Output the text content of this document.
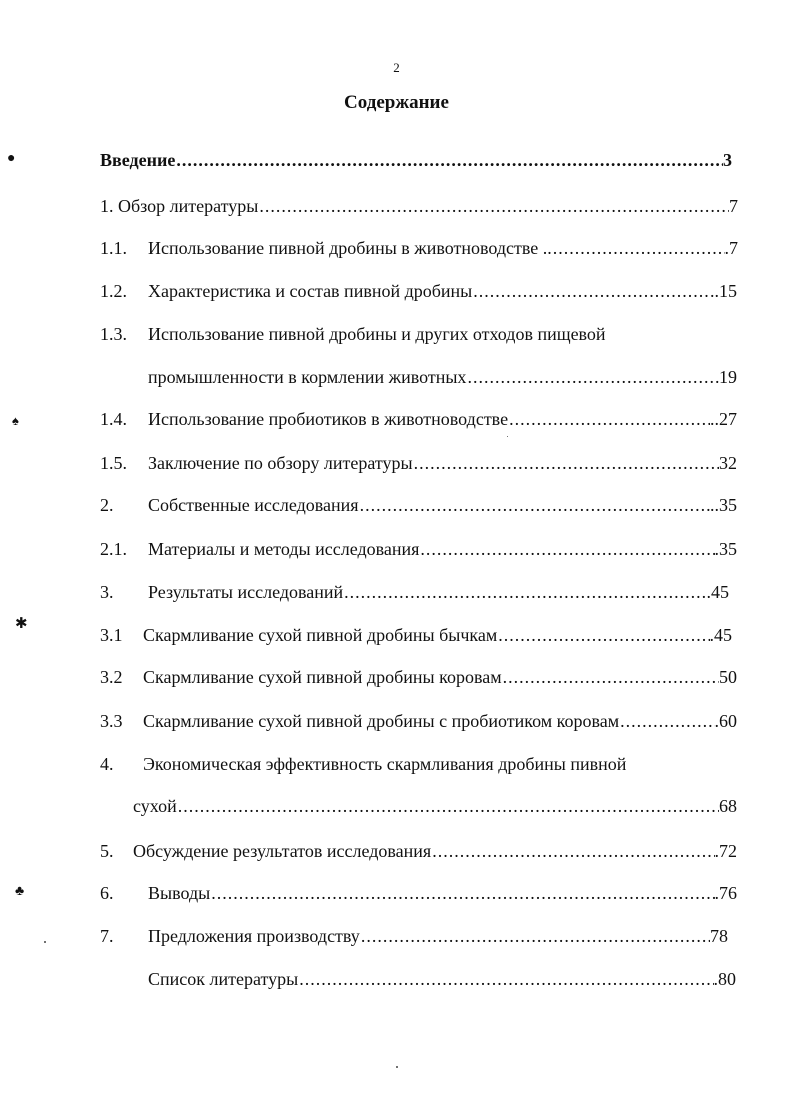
2
Содержание
Введение .....	3
1. Обзор литературы .....	7
1.1. Использование пивной дробины в животноводстве .. .....	.7
1.2. Характеристика и состав пивной дробины .....	..15
1.3. Использование пивной дробины и других отходов пищевой
промышленности в кормлении животных .....	19
1.4. Использование пробиотиков в животноводстве .....	..27
1.5. Заключение по обзору литературы .....	32
2. Собственные исследования .....	..35
2.1. Материалы и методы исследования .....	.35
3. Результаты исследований .....	.45
3.1 Скармливание сухой пивной дробины бычкам .....	.45
3.2 Скармливание сухой пивной дробины коровам .....	50
3.3 Скармливание сухой пивной дробины с пробиотиком коровам .....	.60
4. Экономическая эффективность скармливания дробины пивной
сухой .....	68
5. Обсуждение результатов исследования .....	.72
6. Выводы .....	.76
7. Предложения производству .....	78
Список литературы .....	.80
●
♠
✱
♣
